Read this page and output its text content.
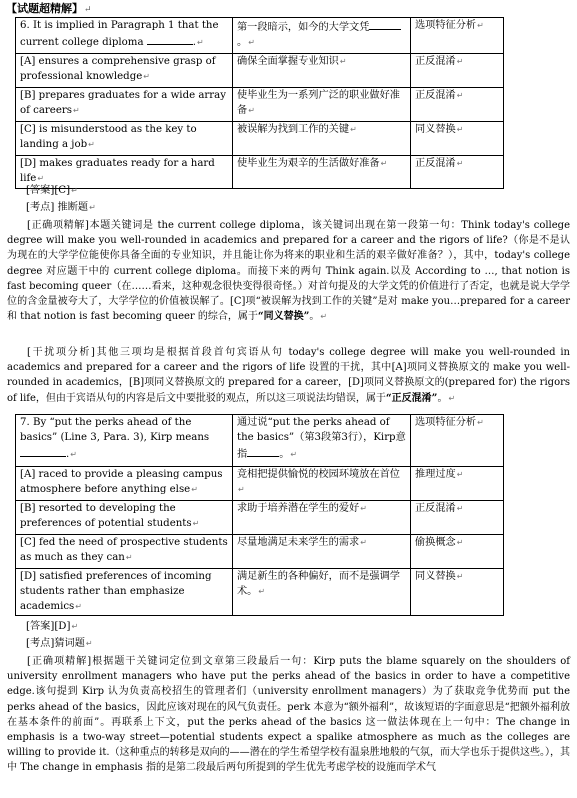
【试题超精解】↵
6. It is implied in Paragraph 1 that the current college diploma .↵	第一段暗示，如今的大学文凭。↵	选项特征分析↵
[A] ensures a comprehensive grasp of professional knowledge↵	确保全面掌握专业知识↵	正反混淆↵
[B] prepares graduates for a wide array of careers↵	使毕业生为一系列广泛的职业做好准备↵	正反混淆↵
[C] is misunderstood as the key to landing a job↵	被误解为找到工作的关键↵	同义替换↵
[D] makes graduates ready for a hard life↵	使毕业生为艰辛的生活做好准备↵	正反混淆↵
[答案][C]↵
[考点] 推断题↵
[正确项精解]本题关键词是 the current college diploma，该关键词出现在第一段第一句：Think today's college degree will make you well-rounded in academics and prepared for a career and the rigors of life?（你是不是认为现在的大学学位能使你具备全面的专业知识，并且能让你为将来的职业和生活的艰辛做好准备？），其中，today's college degree 对应题干中的 current college diploma。而接下来的两句 Think again.以及 According to …, that notion is fast becoming queer（在……看来，这种观念很快变得很奇怪。）对首句提及的大学文凭的价值进行了否定，也就是说大学学位的含金量被夸大了，大学学位的价值被误解了。[C]项“被误解为找到工作的关键”是对 make you…prepared for a career 和 that notion is fast becoming queer 的综合，属于“同义替换”。↵
[干扰项分析]其他三项均是根据首段首句宾语从句 today's college degree will make you well-rounded in academics and prepared for a career and the rigors of life 设置的干扰，其中[A]项同义替换原文的 make you well-rounded in academics，[B]项同义替换原文的 prepared for a career，[D]项同义替换原文的(prepared for) the rigors of life，但由于宾语从句的内容是后文中要批驳的观点，所以这三项说法均错误，属于“正反混淆”。↵
7. By “put the perks ahead of the basics” (Line 3, Para. 3), Kirp means .↵	通过说“put the perks ahead of the basics”（第3段第3行），Kirp意指 。↵	选项特征分析↵
[A] raced to provide a pleasing campus atmosphere before anything else↵	竞相把提供愉悦的校园环境放在首位↵	推理过度↵
[B] resorted to developing the preferences of potential students↵	求助于培养潜在学生的爱好↵	正反混淆↵
[C] fed the need of prospective students as much as they can↵	尽量地满足未来学生的需求↵	偷换概念↵
[D] satisfied preferences of incoming students rather than emphasize academics↵	满足新生的各种偏好，而不是强调学术。↵	同义替换↵
[答案][D]↵
[考点]猜词题↵
[正确项精解]根据题干关键词定位到文章第三段最后一句：Kirp puts the blame squarely on the shoulders of university enrollment managers who have put the perks ahead of the basics in order to have a competitive edge.该句提到 Kirp 认为负责高校招生的管理者们（university enrollment managers）为了获取竞争优势而 put the perks ahead of the basics，因此应该对现在的风气负责任。perk 本意为“额外福利”，故该短语的字面意思是“把额外福利放在基本条件的前面”。再联系上下文，put the perks ahead of the basics 这一做法体现在上一句中：The change in emphasis is a two-way street—potential students expect a spalike atmosphere as much as the colleges are willing to provide it.（这种重点的转移是双向的——潜在的学生希望学校有温泉胜地般的气氛，而大学也乐于提供这些。），其中 The change in emphasis 指的是第二段最后两句所提到的学生优先考虑学校的设施而学术气
